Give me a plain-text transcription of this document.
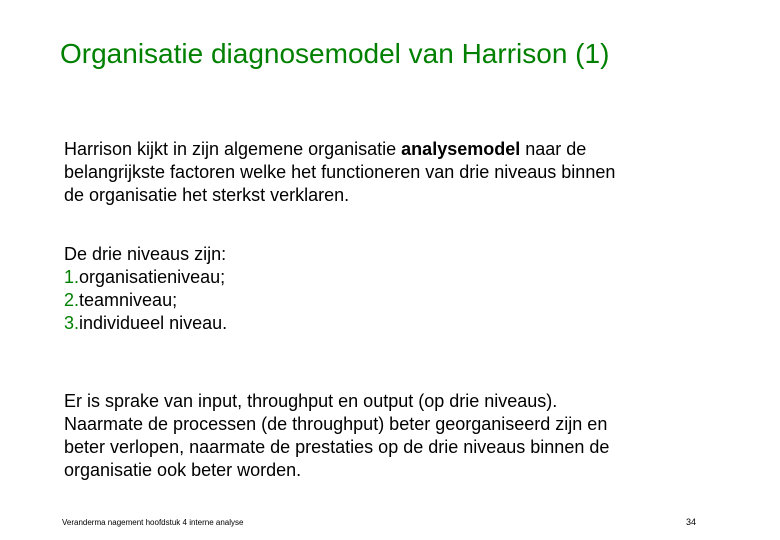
Organisatie diagnosemodel van Harrison (1)
Harrison kijkt in zijn algemene organisatie analysemodel naar de
belangrijkste factoren welke het functioneren van drie niveaus binnen
de organisatie het sterkst verklaren.
De drie niveaus zijn:
1.organisatieniveau;
2.teamniveau;
3.individueel niveau.
Er is sprake van input, throughput en output (op drie niveaus).
Naarmate de processen (de throughput) beter georganiseerd zijn en
beter verlopen, naarmate de prestaties op de drie niveaus binnen de
organisatie ook beter worden.
Veranderma nagement hoofdstuk 4 interne analyse	34
